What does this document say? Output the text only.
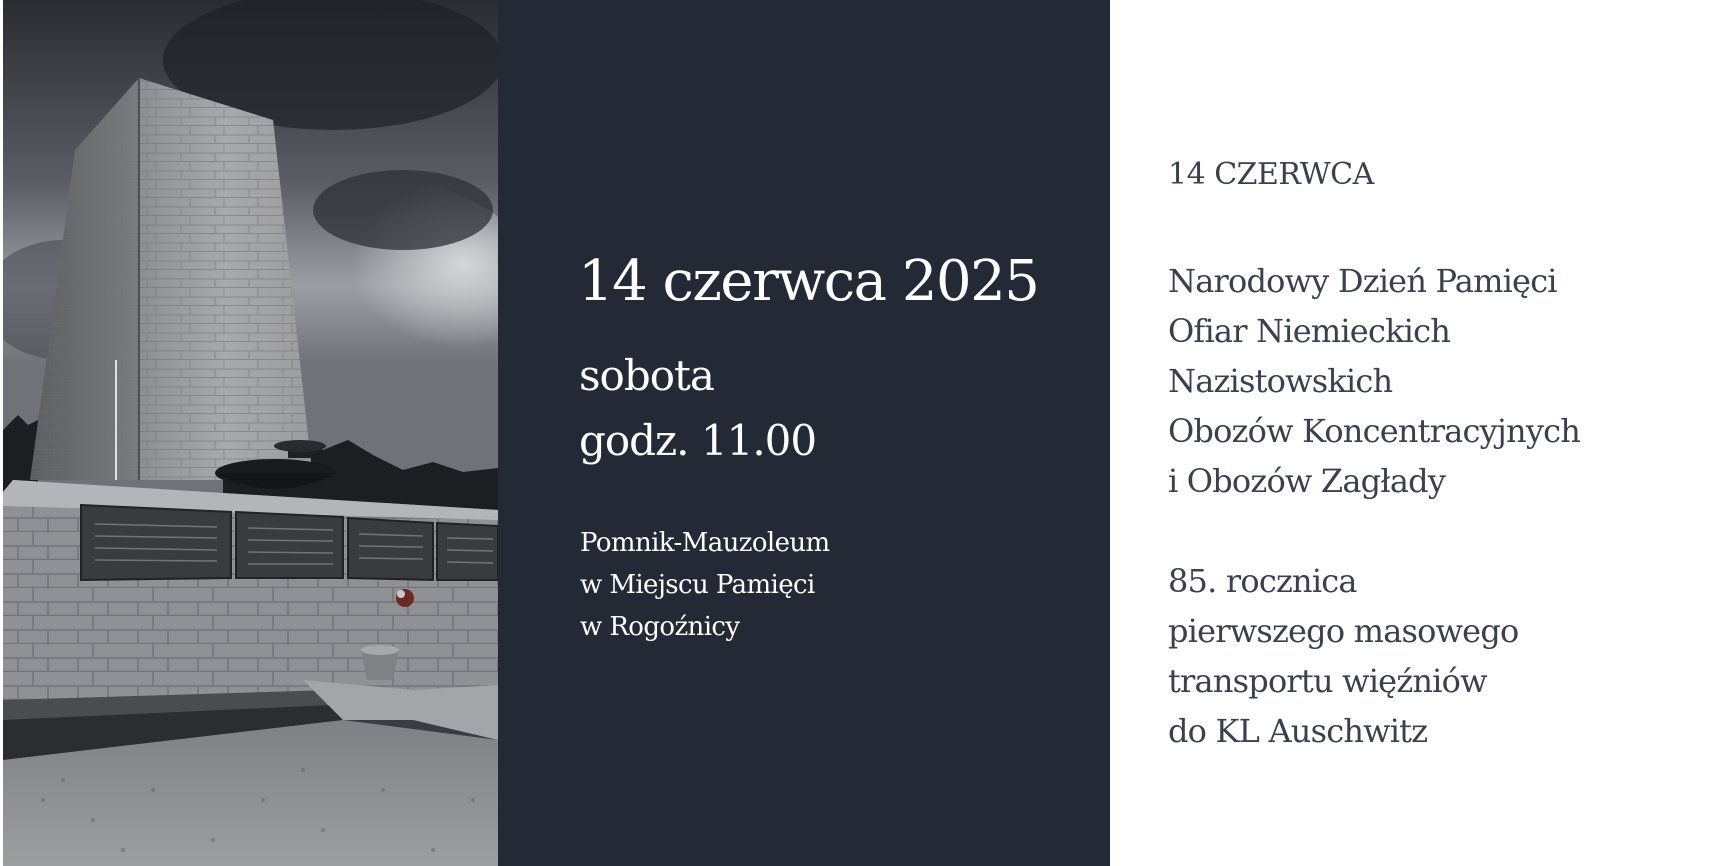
14 czerwca 2025

sobota

godz. 11.00

Pomnik-Mauzoleum
w Miejscu Pamięci
w Rogoźnicy
14 CZERWCA
Narodowy Dzień Pamięci
Ofiar Niemieckich
Nazistowskich
Obozów Koncentracyjnych
i Obozów Zagłady
85. rocznica
pierwszego masowego
transportu więźniów
do KL Auschwitz
